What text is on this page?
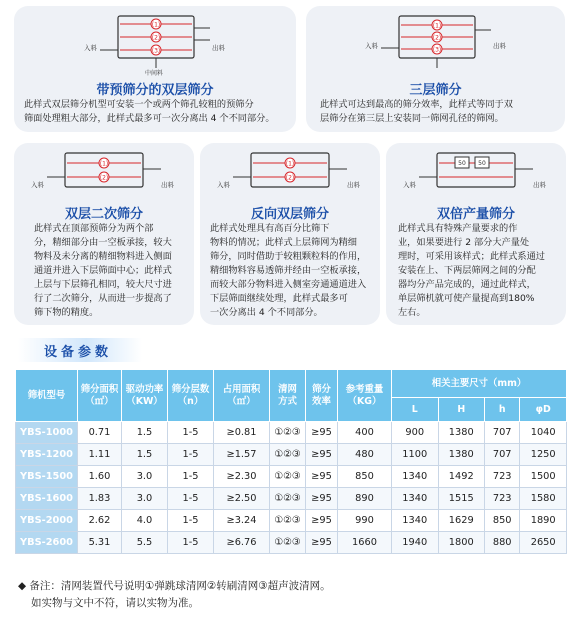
(1)
(2)
(3)
入料	出料
中间料
带预筛分的双层筛分
此样式双层筛分机型可安装一个或两个筛孔较粗的预筛分
筛面处理粗大部分，此样式最多可一次分离出 4 个不同部分。
(1)
(2)
(3)
入料	出料
三层筛分
此样式可达到最高的筛分效率，此样式等同于双
层筛分在第三层上安装同一筛网孔径的筛网。
(1)
(2)
入料	出料
双层二次筛分
此样式在顶部预筛分为两个部
分，精细部分由一空板承接，较大
物料及未分离的精细物料进入侧面
通道并进入下层筛面中心；此样式
上层与下层筛孔相同，较大尺寸进
行了二次筛分，从而进一步提高了
筛下物的精度。
(1)
(2)
入料	出料
反向双层筛分
此样式处理具有高百分比筛下
物料的情况；此样式上层筛网为精细
筛分，同时借助于较粗颗粒料的作用，
精细物料容易透筛并经由一空板承接，
而较大部分物料进入侧室旁通通道进入
下层筛面继续处理，此样式最多可
一次分离出 4 个不同部分。
50 50
入料	出料
双倍产量筛分
此样式具有特殊产量要求的作
业，如果要进行 2 部分大产量处
理时，可采用该样式；此样式系通过
安装在上、下两层筛网之间的分配
器均分产品完成的，通过此样式，
单层筛机就可使产量提高到180%
左右。
设备参数
筛机型号	筛分面积
（㎡）	驱动功率
（KW）	筛分层数
（n）	占用面积
（㎡）	清网
方式	筛分
效率	参考重量
（KG）	相关主要尺寸（mm）			
								L	H	h	φD
YBS-1000	0.71	1.5	1-5	≥0.81	①②③	≥95	400	900	1380	707	1040
YBS-1200	1.11	1.5	1-5	≥1.57	①②③	≥95	480	1100	1380	707	1250
YBS-1500	1.60	3.0	1-5	≥2.30	①②③	≥95	850	1340	1492	723	1500
YBS-1600	1.83	3.0	1-5	≥2.50	①②③	≥95	890	1340	1515	723	1580
YBS-2000	2.62	4.0	1-5	≥3.24	①②③	≥95	990	1340	1629	850	1890
YBS-2600	5.31	5.5	1-5	≥6.76	①②③	≥95	1660	1940	1800	880	2650
◆ 备注：清网装置代号说明①弹跳球清网②转刷清网③超声波清网。
如实物与文中不符，请以实物为准。
